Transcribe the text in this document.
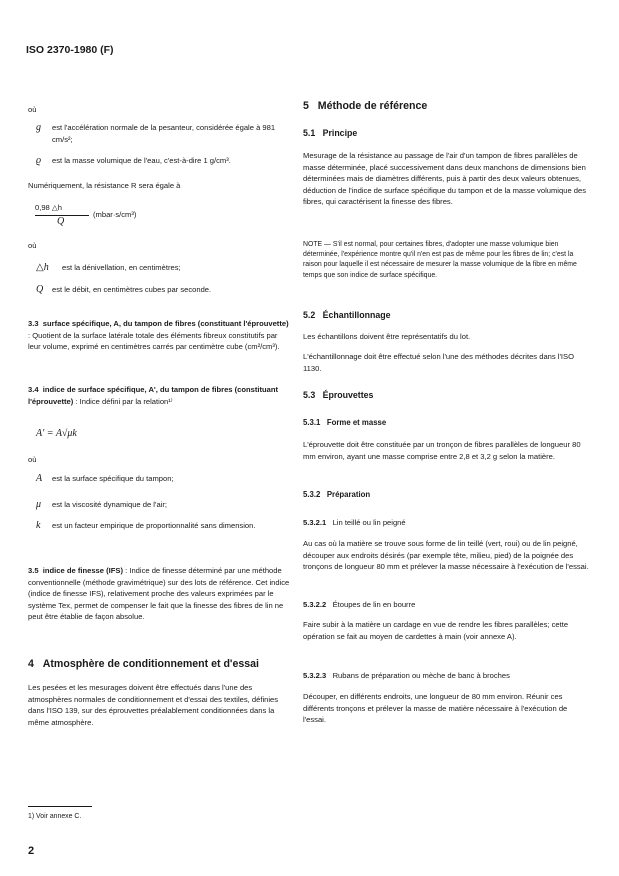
ISO 2370-1980 (F)
où
g est l'accélération normale de la pesanteur, considérée égale à 981 cm/s²;

ϱ est la masse volumique de l'eau, c'est-à-dire 1 g/cm³.

Numériquement, la résistance R sera égale à

0,98 △h
Q
(mbar·s/cm³)
où
△h est la dénivellation, en centimètres;

Q est le débit, en centimètres cubes par seconde.

3.3 surface spécifique, A, du tampon de fibres (constituant l'éprouvette) : Quotient de la surface latérale totale des éléments fibreux constitutifs par leur volume, exprimé en centimètres carrés par centimètre cube (cm²/cm³).

3.4 indice de surface spécifique, A', du tampon de fibres (constituant l'éprouvette) : Indice défini par la relation¹⁾

A' = A√μk
où
A est la surface spécifique du tampon;

μ est la viscosité dynamique de l'air;

k	est un facteur empirique de proportionnalité sans dimension.

3.5 indice de finesse (IFS) : Indice de finesse déterminé par une méthode conventionnelle (méthode gravimétrique) sur des lots de référence. Cet indice (indice de finesse IFS), relativement proche des valeurs exprimées par le système Tex, permet de compenser le fait que la finesse des fibres de lin ne peut être établie de façon absolue.

4 Atmosphère de conditionnement et d'essai

Les pesées et les mesurages doivent être effectués dans l'une des atmosphères normales de conditionnement et d'essai des textiles, définies dans l'ISO 139, sur des éprouvettes préalablement conditionnées dans la même atmosphère.

5 Méthode de référence
5.1 Principe

Mesurage de la résistance au passage de l'air d'un tampon de fibres parallèles de masse déterminée, placé successivement dans deux manchons de dimensions bien déterminées mais de diamètres différents, puis à partir des deux valeurs obtenues, déduction de l'indice de surface spécifique du tampon et de la masse volumique des fibres, qui caractérisent la finesse des fibres.

NOTE — S'il est normal, pour certaines fibres, d'adopter une masse volumique bien déterminée, l'expérience montre qu'il n'en est pas de même pour les fibres de lin; c'est la raison pour laquelle il est nécessaire de mesurer la masse volumique de la fibre en même temps que son indice de surface spécifique.

5.2 Échantillonnage

Les échantillons doivent être représentatifs du lot.

L'échantillonnage doit être effectué selon l'une des méthodes décrites dans l'ISO 1130.

5.3 Éprouvettes
5.3.1 Forme et masse

L'éprouvette doit être constituée par un tronçon de fibres parallèles de longueur 80 mm environ, ayant une masse comprise entre 2,8 et 3,2 g selon la matière.

5.3.2 Préparation
5.3.2.1 Lin teillé ou lin peigné

Au cas où la matière se trouve sous forme de lin teillé (vert, roui) ou de lin peigné, découper aux endroits désirés (par exemple tête, milieu, pied) de la poignée des tronçons de longueur 80 mm et prélever la masse nécessaire à l'exécution de l'essai.

5.3.2.2 Étoupes de lin en bourre

Faire subir à la matière un cardage en vue de rendre les fibres parallèles; cette opération se fait au moyen de cardettes à main (voir annexe A).

5.3.2.3 Rubans de préparation ou mèche de banc à broches

Découper, en différents endroits, une longueur de 80 mm environ. Réunir ces différents tronçons et prélever la masse de matière nécessaire à l'exécution de l'essai.

1) Voir annexe C.
2
